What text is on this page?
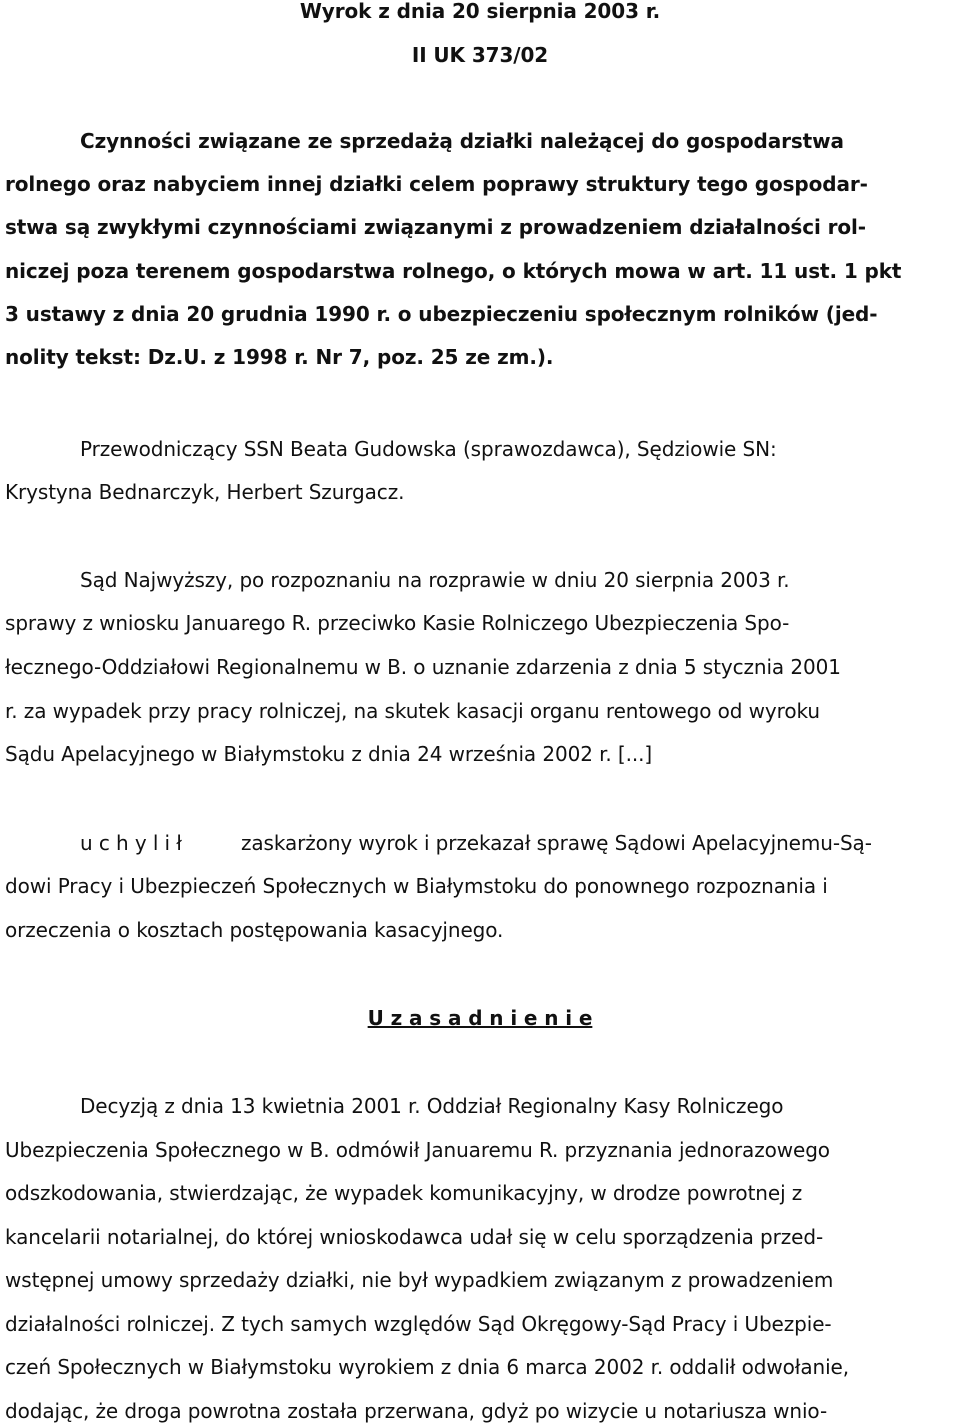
Wyrok z dnia 20 sierpnia 2003 r.
II UK 373/02
Czynności związane ze sprzedażą działki należącej do gospodarstwa
rolnego oraz nabyciem innej działki celem poprawy struktury tego gospodar-
stwa są zwykłymi czynnościami związanymi z prowadzeniem działalności rol-
niczej poza terenem gospodarstwa rolnego, o których mowa w art. 11 ust. 1 pkt
3 ustawy z dnia 20 grudnia 1990 r. o ubezpieczeniu społecznym rolników (jed-
nolity tekst: Dz.U. z 1998 r. Nr 7, poz. 25 ze zm.).
Przewodniczący SSN Beata Gudowska (sprawozdawca), Sędziowie SN:
Krystyna Bednarczyk, Herbert Szurgacz.
Sąd Najwyższy, po rozpoznaniu na rozprawie w dniu 20 sierpnia 2003 r.
sprawy z wniosku Januarego R. przeciwko Kasie Rolniczego Ubezpieczenia Spo-
łecznego-Oddziałowi Regionalnemu w B. o uznanie zdarzenia z dnia 5 stycznia 2001
r. za wypadek przy pracy rolniczej, na skutek kasacji organu rentowego od wyroku
Sądu Apelacyjnego w Białymstoku z dnia 24 września 2002 r. [...]
u c h y l i ł	zaskarżony wyrok i przekazał sprawę Sądowi Apelacyjnemu-Są-
dowi Pracy i Ubezpieczeń Społecznych w Białymstoku do ponownego rozpoznania i
orzeczenia o kosztach postępowania kasacyjnego.
U z a s a d n i e n i e
Decyzją z dnia 13 kwietnia 2001 r. Oddział Regionalny Kasy Rolniczego
Ubezpieczenia Społecznego w B. odmówił Januaremu R. przyznania jednorazowego
odszkodowania, stwierdzając, że wypadek komunikacyjny, w drodze powrotnej z
kancelarii notarialnej, do której wnioskodawca udał się w celu sporządzenia przed-
wstępnej umowy sprzedaży działki, nie był wypadkiem związanym z prowadzeniem
działalności rolniczej. Z tych samych względów Sąd Okręgowy-Sąd Pracy i Ubezpie-
czeń Społecznych w Białymstoku wyrokiem z dnia 6 marca 2002 r. oddalił odwołanie,
dodając, że droga powrotna została przerwana, gdyż po wizycie u notariusza wnio-
